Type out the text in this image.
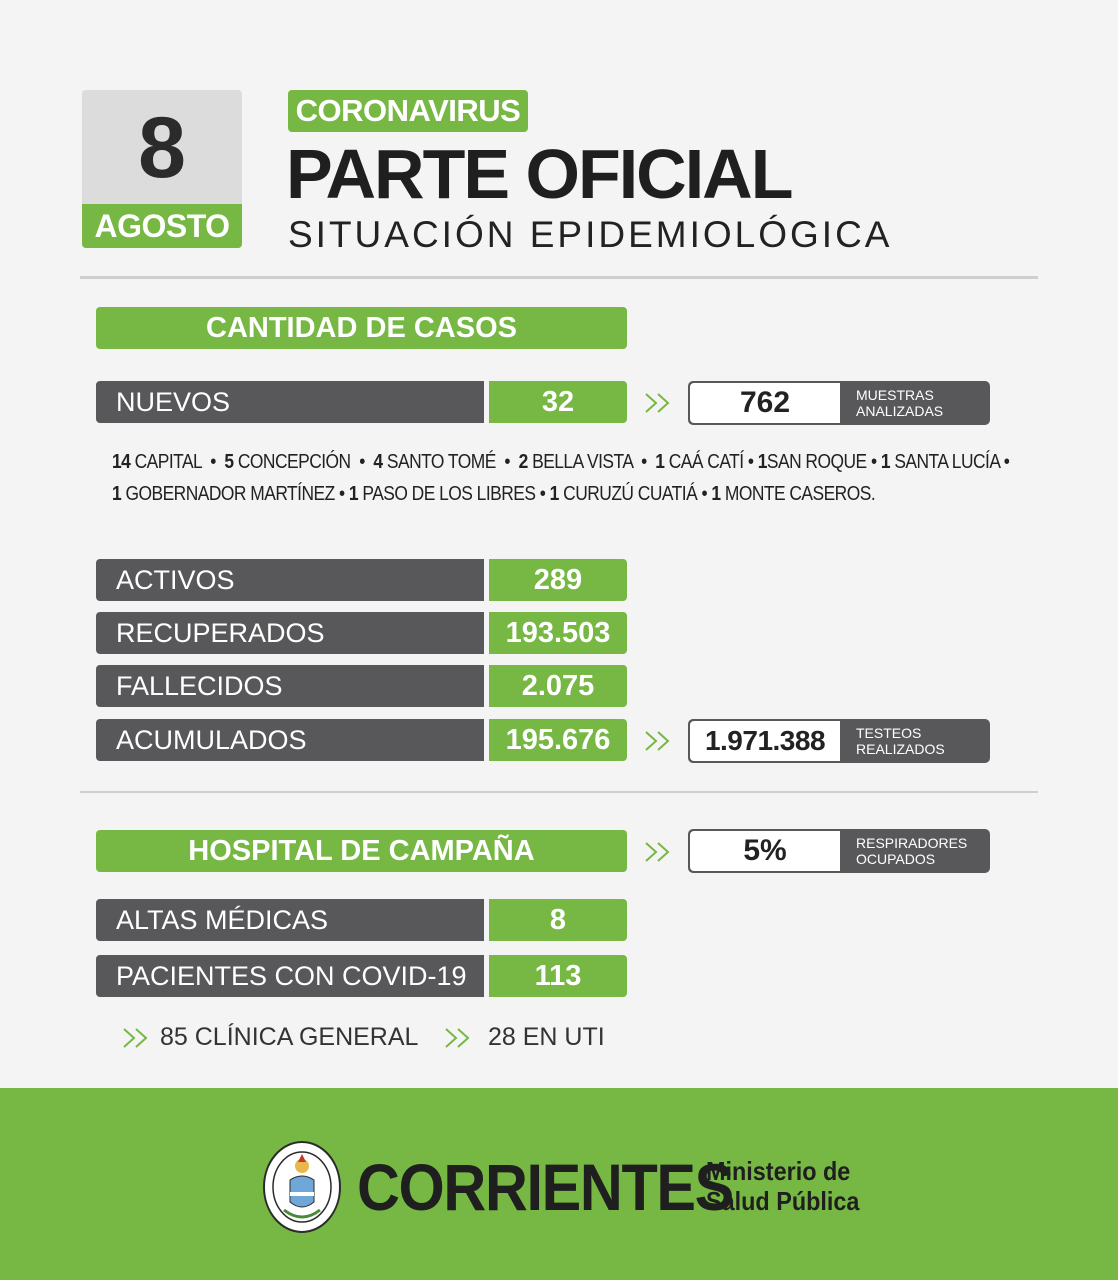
8
AGOSTO
CORONAVIRUS
PARTE OFICIAL
SITUACIÓN EPIDEMIOLÓGICA
CANTIDAD DE CASOS
NUEVOS	32	762	MUESTRAS
ANALIZADAS
14 CAPITAL  •  5 CONCEPCIÓN  •  4 SANTO TOMÉ  •  2 BELLA VISTA  •  1 CAÁ CATÍ • 1SAN ROQUE • 1 SANTA LUCÍA •
1 GOBERNADOR MARTÍNEZ • 1 PASO DE LOS LIBRES • 1 CURUZÚ CUATIÁ • 1 MONTE CASEROS.
ACTIVOS	289
RECUPERADOS	193.503
FALLECIDOS	2.075
ACUMULADOS	195.676	1.971.388	TESTEOS
REALIZADOS
HOSPITAL DE CAMPAÑA	5%	RESPIRADORES
OCUPADOS
ALTAS MÉDICAS	8
PACIENTES CON COVID-19	113
85 CLÍNICA GENERAL	28 EN UTI
CORRIENTES
Ministerio de
Salud Pública
